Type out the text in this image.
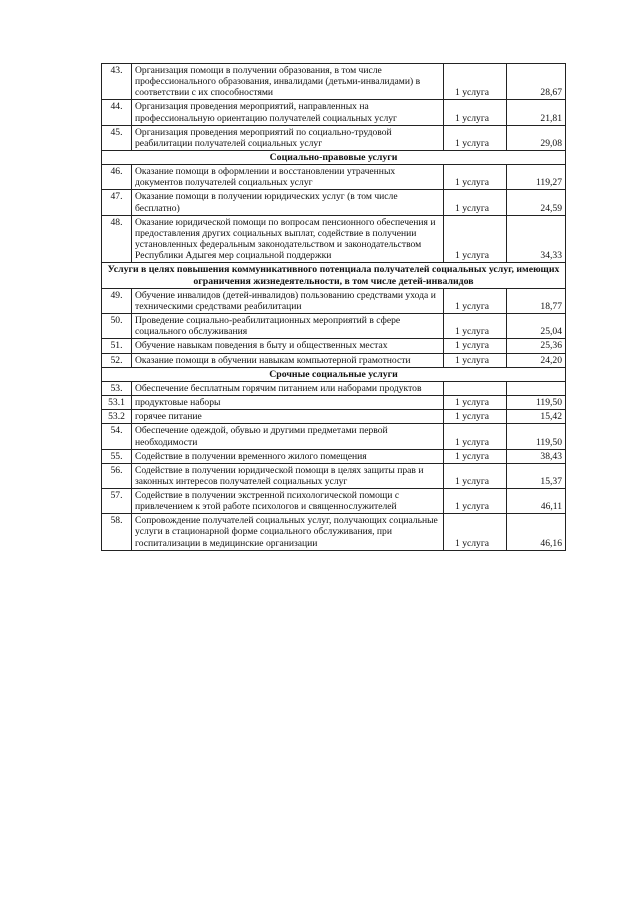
43.	Организация помощи в получении образования, в том числе профессионального образования, инвалидами (детьми-инвалидами) в соответствии с их способностями	1 услуга	28,67
44.	Организация проведения мероприятий, направленных на профессиональную ориентацию получателей социальных услуг	1 услуга	21,81
45.	Организация проведения мероприятий по социально-трудовой реабилитации получателей социальных услуг	1 услуга	29,08
Социально-правовые услуги			
46.	Оказание помощи в оформлении и восстановлении утраченных документов получателей социальных услуг	1 услуга	119,27
47.	Оказание помощи в получении юридических услуг (в том числе бесплатно)	1 услуга	24,59
48.	Оказание юридической помощи по вопросам пенсионного обеспечения и предоставления других социальных выплат, содействие в получении установленных федеральным законодательством и законодательством Республики Адыгея мер социальной поддержки	1 услуга	34,33
Услуги в целях повышения коммуникативного потенциала получателей социальных услуг, имеющих ограничения жизнедеятельности, в том числе детей-инвалидов			
49.	Обучение инвалидов (детей-инвалидов) пользованию средствами ухода и техническими средствами реабилитации	1 услуга	18,77
50.	Проведение социально-реабилитационных мероприятий в сфере социального обслуживания	1 услуга	25,04
51.	Обучение навыкам поведения в быту и общественных местах	1 услуга	25,36
52.	Оказание помощи в обучении навыкам компьютерной грамотности	1 услуга	24,20
Срочные социальные услуги			
53.	Обеспечение бесплатным горячим питанием или наборами продуктов		
53.1	продуктовые наборы	1 услуга	119,50
53.2	горячее питание	1 услуга	15,42
54.	Обеспечение одеждой, обувью и другими предметами первой необходимости	1 услуга	119,50
55.	Содействие в получении временного жилого помещения	1 услуга	38,43
56.	Содействие в получении юридической помощи в целях защиты прав и законных интересов получателей социальных услуг	1 услуга	15,37
57.	Содействие в получении экстренной психологической помощи с привлечением к этой работе психологов и священнослужителей	1 услуга	46,11
58.	Сопровождение получателей социальных услуг, получающих социальные услуги в стационарной форме социального обслуживания, при госпитализации в медицинские организации	1 услуга	46,16
